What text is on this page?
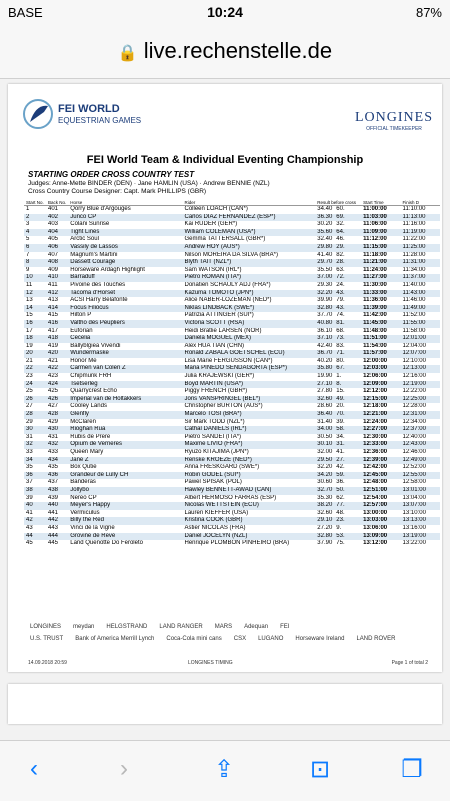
BASE	10:24	87%
🔒 live.rechenstelle.de
FEI WORLD
EQUESTRIAN GAMES	LONGINES
OFFICIAL TIMEKEEPER
FEI World Team & Individual Eventing Championship
STARTING ORDER CROSS COUNTRY TEST
Judges: Anne-Mette BINDER (DEN) · Jane HAMLIN (USA) · Andrew BENNIE (NZL)
Cross Country Course Designer: Capt. Mark PHILLIPS (GBR)
Start No.	Back No.	Horse	Rider	Result before cross	Start Time	Finish D
1	401	Qorry Blue d'Argouges	Colleen LOACH (CAN*)	34.40 60.	11:00:00	11:10:00
2	402	Junco CP	Carlos DIAZ FERNANDEZ (ESP*)	36.30 69.	11:03:00	11:13:00
3	403	Colani Sunrise	Kai RÜDER (GER*)	30.20 32.	11:06:00	11:16:00
4	404	Tight Lines	William COLEMAN (USA*)	35.60 64.	11:09:00	11:19:00
5	405	Arctic Soul	Gemma TATTERSALL (GBR*)	32.40 46.	11:12:00	11:22:00
6	406	Vassily de Lassos	Andrew HOY (AUS*)	29.80 29.	11:15:00	11:25:00
7	407	Magnum's Martini	Nilson MOREIRA DA SILVA (BRA*)	41.40 82.	11:18:00	11:28:00
8	408	Dassett Courage	Blyth TAIT (NZL*)	29.70 28.	11:21:00	11:31:00
9	409	Horseware Ardagh Highlight	Sam WATSON (IRL*)	35.50 63.	11:24:00	11:34:00
10	410	Barraduff	Pietro ROMAN (ITA*)	37.00 72.	11:27:00	11:37:00
11	411	Pivoine des Touches	Donatien SCHAULY ADJ (FRA*)	29.30 24.	11:30:00	11:40:00
12	412	Tacoma d'Horset	Kazuma TOMOTO (JPN*)	32.20 43.	11:33:00	11:43:00
13	413	ACSI Harry Belafonte	Alice NABER-LOZEMAN (NED*)	39.90 79.	11:36:00	11:46:00
14	414	Focus Filiocus	Niklas LINDBÄCK (SWE*)	32.80 43.	11:39:00	11:49:00
15	415	Hilton P	Patrizia ATTINGER (SUI*)	37.70 74.	11:42:00	11:52:00
16	416	Valtho des Peupliers	Victoria SCOTT (RSA)	40.80 81.	11:45:00	11:55:00
17	417	Euforian	Heidi Bratlie LARSEN (NOR)	36.10 68.	11:48:00	11:58:00
18	418	Cecelia	Daniela MOGUEL (MEX)	37.10 73.	11:51:00	12:01:00
19	419	Ballyblgiea Vivendi	Alex HUA TIAN (CHN)	42.40 83.	11:54:00	12:04:00
20	420	Wundermaske	Ronald ZABALA GOETSCHEL (ECU)	36.70 71.	11:57:00	12:07:00
21	421	Honor Me	Lisa Marie FERGUSSON (CAN*)	40.20 80.	12:00:00	12:10:00
22	422	Carmen van Colen Z	Maria PINEDO SENDAGORTA (ESP*)	35.80 67.	12:03:00	12:13:00
23	423	Chipmunk FRH	Julia KRAJEWSKI (GER*)	19.90 1.	12:06:00	12:16:00
24	424	Tsetserleg	Boyd MARTIN (USA*)	27.10 8.	12:09:00	12:19:00
25	425	Quarrycrest Echo	Piggy FRENCH (GBR*)	27.80 15.	12:12:00	12:22:00
26	426	Imperial van de Holtakkers	Joris VANSPRINGEL (BEL*)	32.60 49.	12:15:00	12:25:00
27	427	Cooley Lands	Christopher BURTON (AUS*)	28.60 20.	12:18:00	12:28:00
28	428	Glenfly	Marcelo TOSI (BRA*)	36.40 70.	12:21:00	12:31:00
29	429	McClaren	Sir Mark TODD (NZL*)	31.40 39.	12:24:00	12:34:00
30	430	Rioghan Rua	Cathal DANIELS (IRL*)	34.00 58.	12:27:00	12:37:00
31	431	Rubis de Prere	Pietro SANDEI (ITA*)	30.50 34.	12:30:00	12:40:00
32	432	Opium de Verrieres	Maxime LIVIO (FRA*)	30.10 31.	12:33:00	12:43:00
33	433	Queen Mary	Ryuzo KITAJIMA (JPN*)	32.00 41.	12:36:00	12:46:00
34	434	Jane Z	Renske KROEZE (NED*)	29.50 27.	12:39:00	12:49:00
35	435	Box Qutie	Anna FRESKGARD (SWE*)	32.20 42.	12:42:00	12:52:00
36	436	Grandeur de Lully CH	Robin GODEL (SUI*)	34.20 59.	12:45:00	12:55:00
37	437	Banderas	Pawel SPISAK (POL)	30.60 36.	12:48:00	12:58:00
38	438	Jollybo	Hawley BENNETT-AWAD (CAN)	32.70 50.	12:51:00	13:01:00
39	439	Nereo CP	Albert HERMOSO FARRAS (ESP)	35.30 62.	12:54:00	13:04:00
40	440	Meyer's Happy	Nicolas WETTSTEIN (ECU)	38.20 77.	12:57:00	13:07:00
41	441	Vermiculus	Lauren KIEFFER (USA)	32.60 48.	13:00:00	13:10:00
42	442	Billy the Red	Kristina COOK (GBR)	29.10 23.	13:03:00	13:13:00
43	443	Vinci de la Vigne	Astier NICOLAS (FRA)	27.20 9.	13:06:00	13:16:00
44	444	Grovine de Reve	Daniel JOCELYN (NZL)	32.80 53.	13:09:00	13:19:00
45	445	Land Quenotte Do Feroleto	Henrique PLOMBON PINHEIRO (BRA)	37.90 75.	13:12:00	13:22:00
LONGINES meydan HELGSTRAND LAND RANGER MARS Adequan FEI
U.S. TRUST Bank of America Merrill Lynch Coca-Cola mini cans CSX LUGANO Horseware Ireland LAND ROVER
14.09.2018 20:59	LONGINES TIMING	Page 1 of total 2
‹	›	⇪	⊡	❐
